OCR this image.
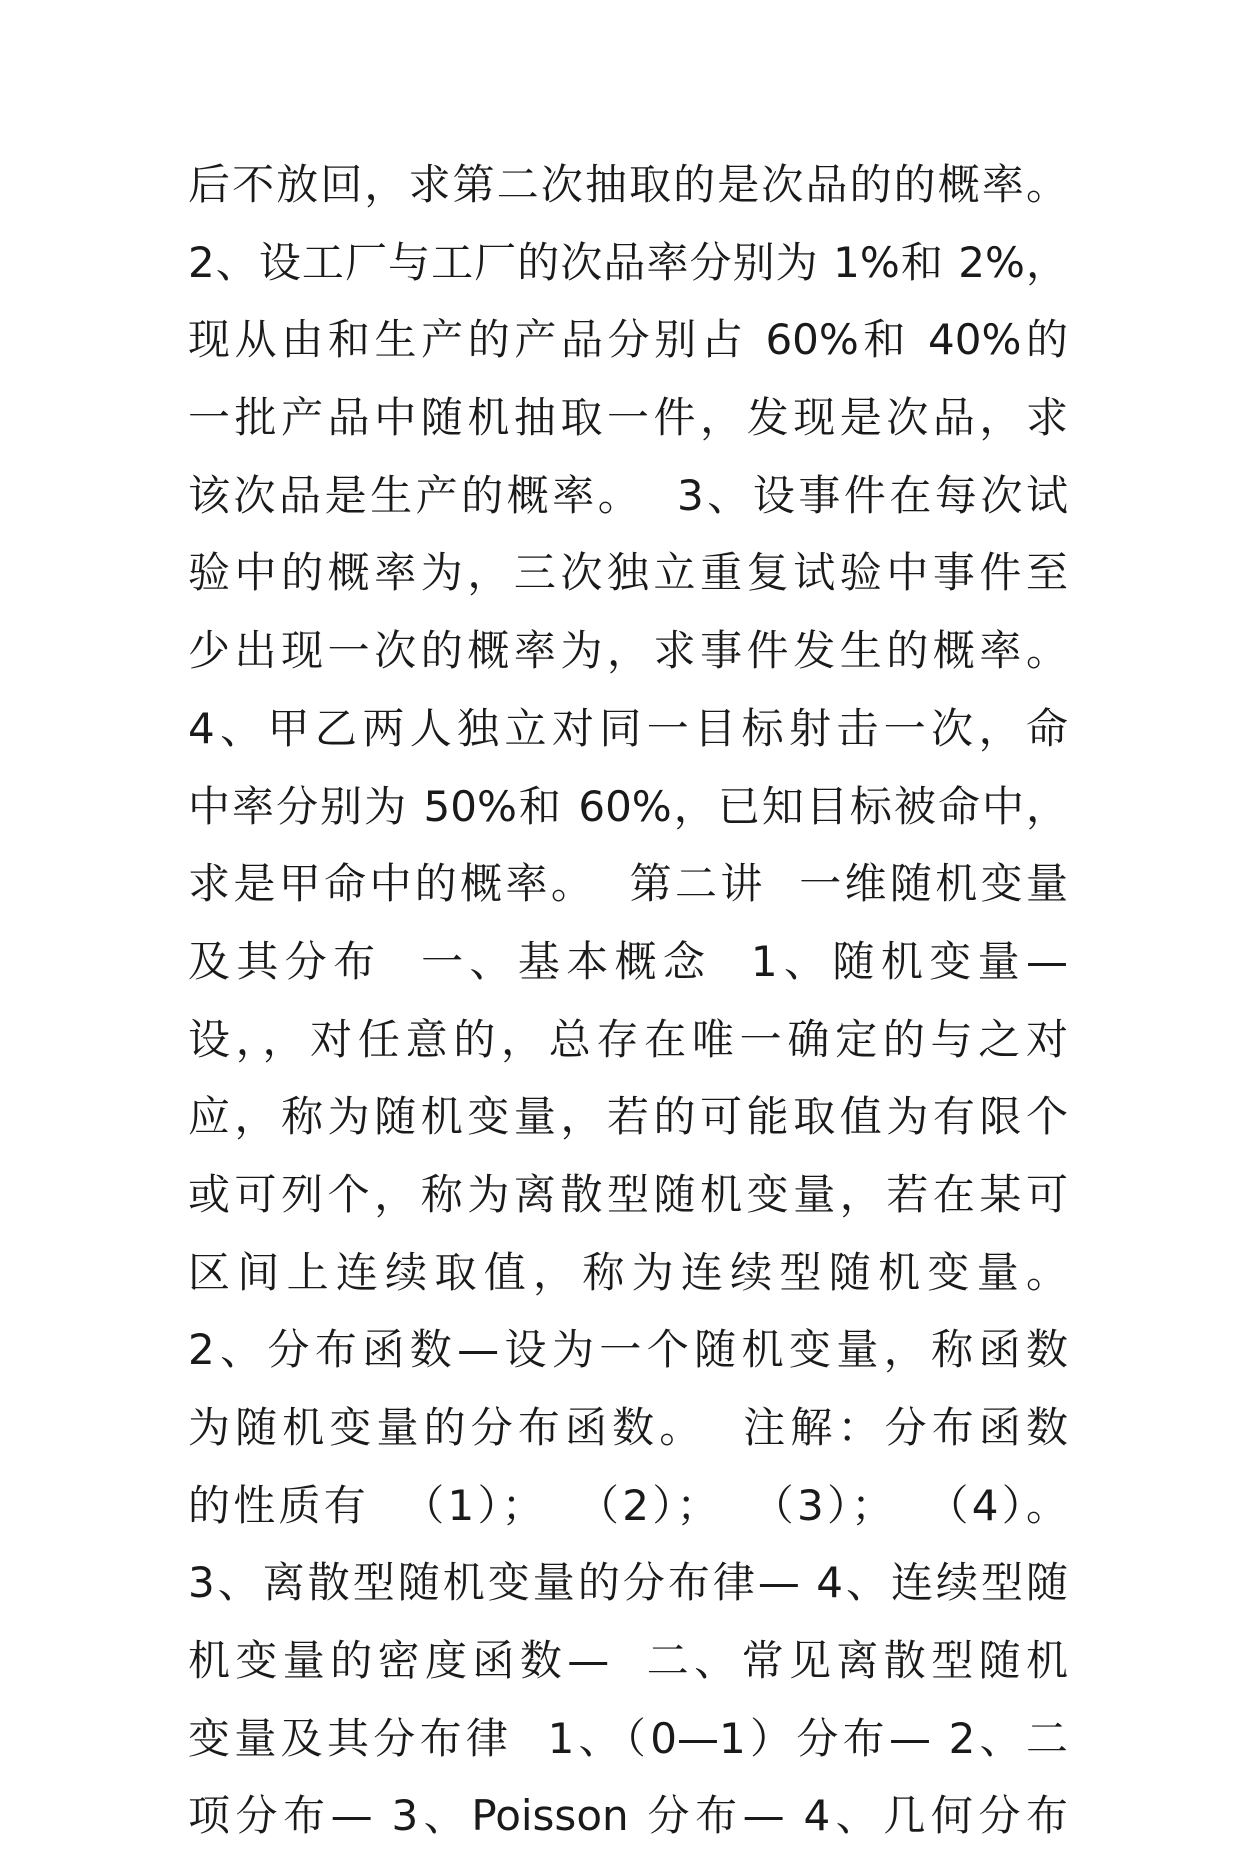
后不放回，求第二次抽取的是次品的的概率。
2、设工厂与工厂的次品率分别为 1%和 2%，
现从由和生产的产品分别占 60%和 40%的
一批产品中随机抽取一件，发现是次品，求
该次品是生产的概率。  3、设事件在每次试
验中的概率为，三次独立重复试验中事件至
少出现一次的概率为，求事件发生的概率。
4、甲乙两人独立对同一目标射击一次，命
中率分别为 50%和 60%，已知目标被命中，
求是甲命中的概率。  第二讲  一维随机变量
及其分布  一、基本概念  1、随机变量—
设，，对任意的，总存在唯一确定的与之对
应，称为随机变量，若的可能取值为有限个
或可列个，称为离散型随机变量，若在某可
区间上连续取值，称为连续型随机变量。
2、分布函数—设为一个随机变量，称函数
为随机变量的分布函数。  注解：分布函数
的性质有  （1）；  （2）；  （3）；  （4）。
3、离散型随机变量的分布律— 4、连续型随
机变量的密度函数—  二、常见离散型随机
变量及其分布律  1、（0—1）分布— 2、二
项分布— 3、Poisson 分布— 4、几何分布
